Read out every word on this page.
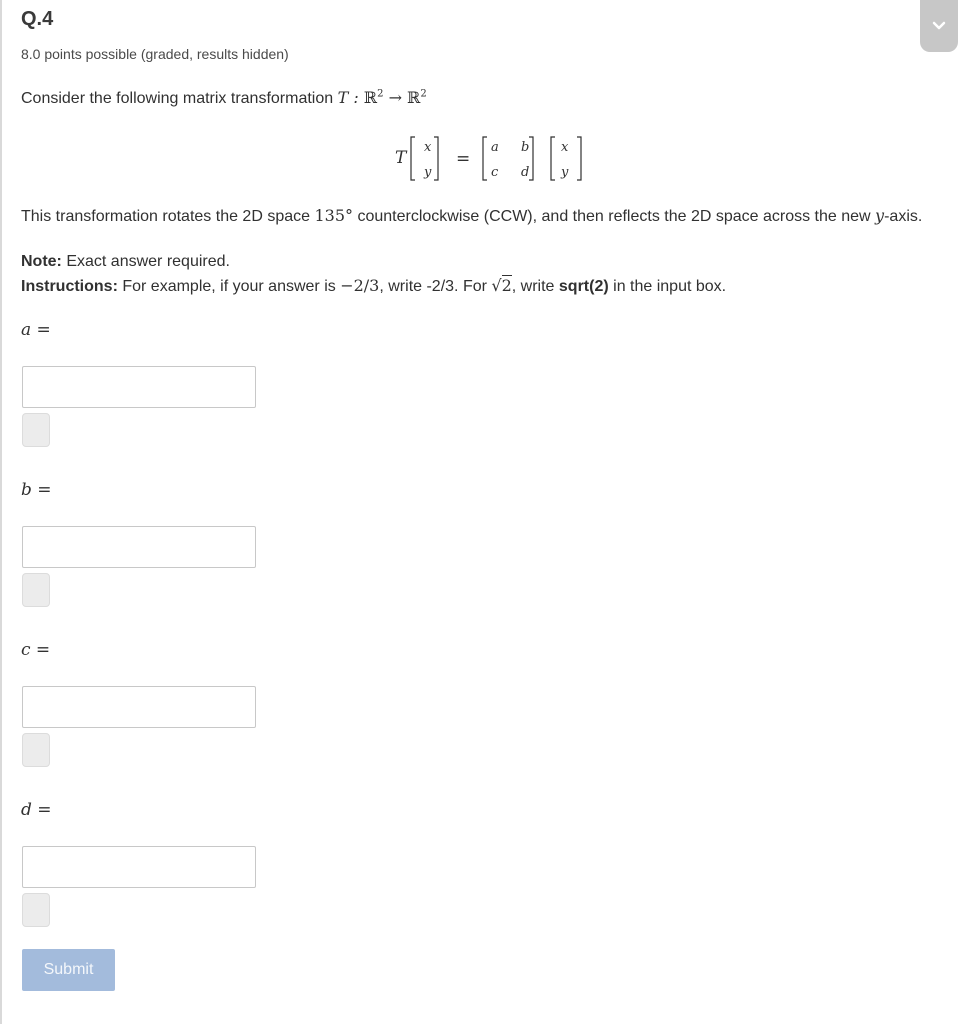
Q.4
8.0 points possible (graded, results hidden)
Consider the following matrix transformation T : ℝ$^2$ → ℝ$^2$
T
x
y
=
a b
c d
x
y
This transformation rotates the 2D space 135° counterclockwise (CCW), and then reflects the 2D space across the new y-axis.
Note: Exact answer required.
Instructions: For example, if your answer is −2/3, write -2/3. For √2, write sqrt(2) in the input box.
a =
b =
c =
d =
Submit
